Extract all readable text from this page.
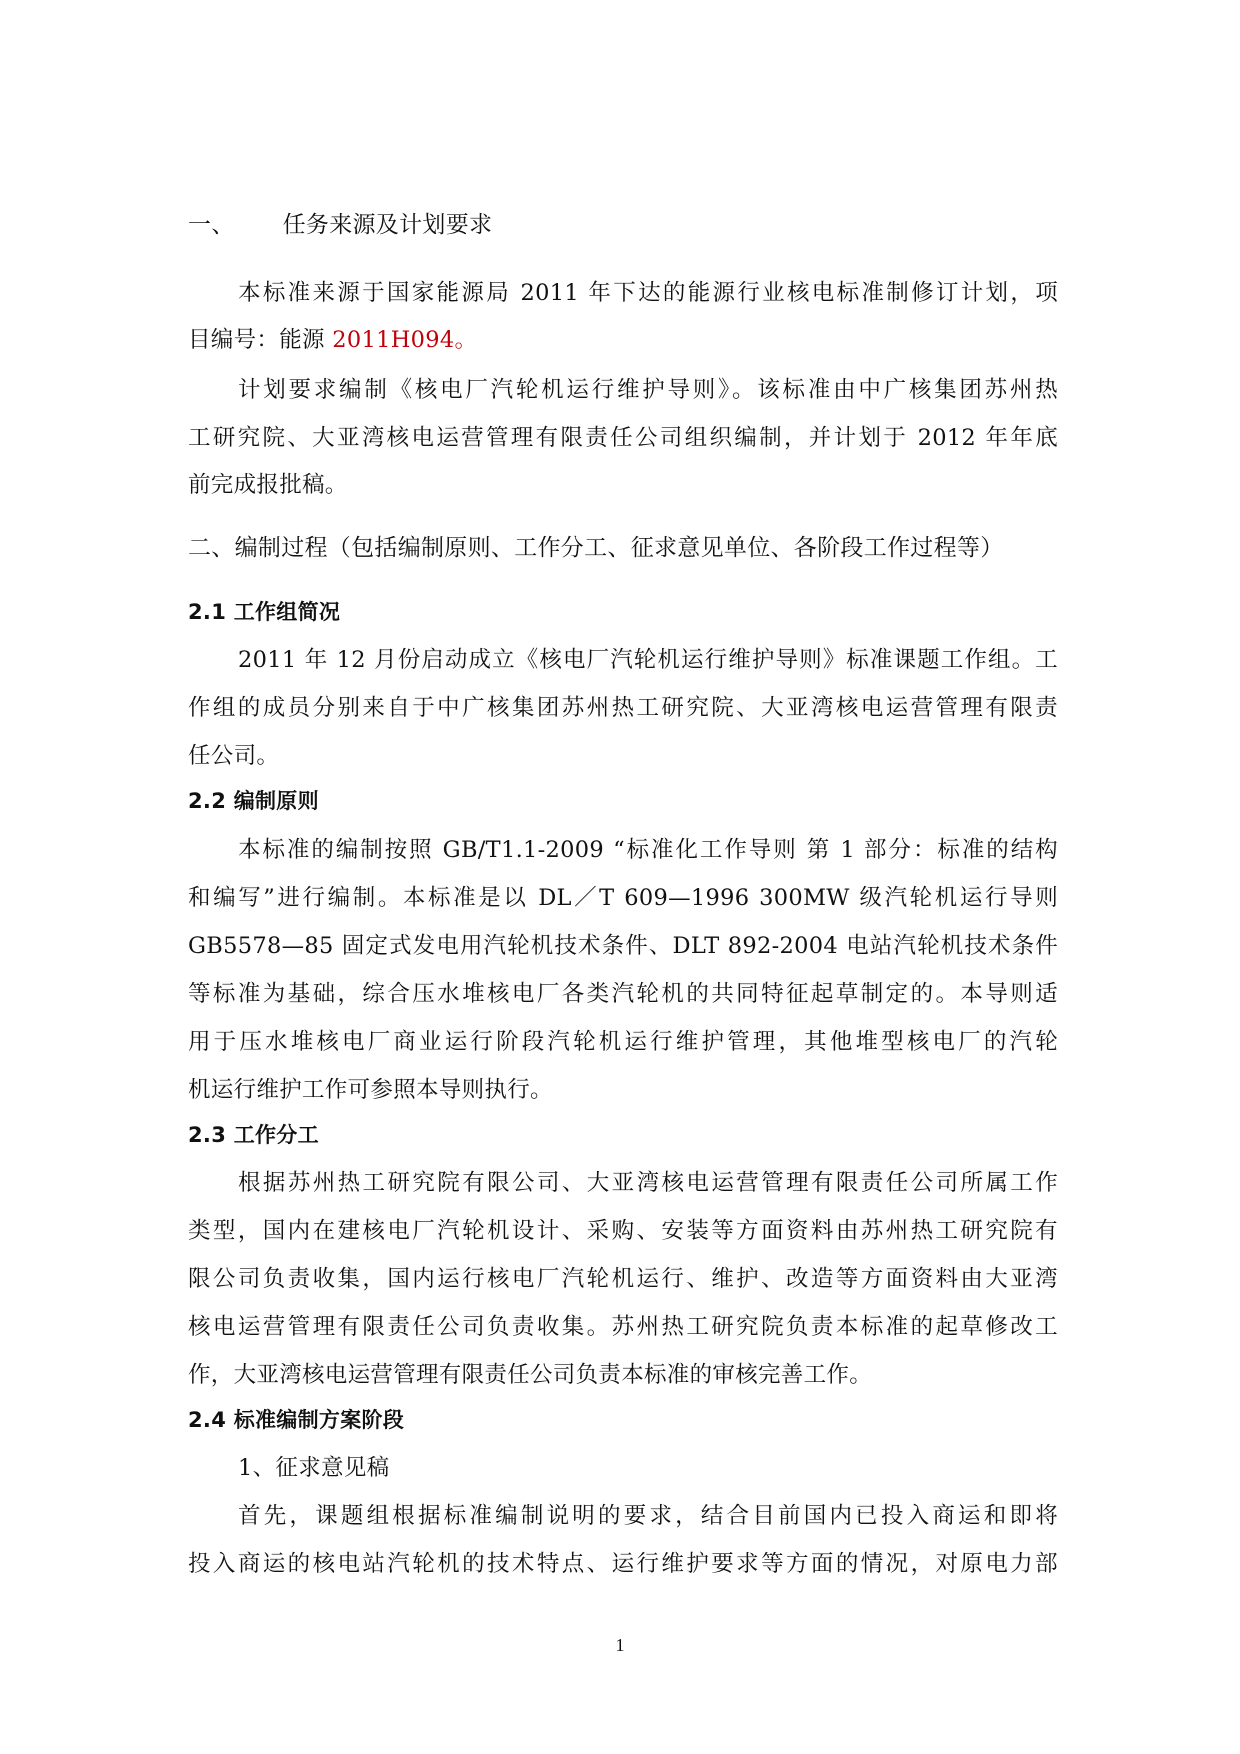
一、 任务来源及计划要求
本标准来源于国家能源局 2011 年下达的能源行业核电标准制修订计划，项
目编号：能源 2011H094。
计划要求编制《核电厂汽轮机运行维护导则》。该标准由中广核集团苏州热
工研究院、大亚湾核电运营管理有限责任公司组织编制，并计划于 2012 年年底
前完成报批稿。
二、编制过程（包括编制原则、工作分工、征求意见单位、各阶段工作过程等）
2.1 工作组简况
2011 年 12 月份启动成立《核电厂汽轮机运行维护导则》标准课题工作组。工
作组的成员分别来自于中广核集团苏州热工研究院、大亚湾核电运营管理有限责
任公司。
2.2 编制原则
本标准的编制按照 GB/T1.1-2009 “标准化工作导则 第 1 部分：标准的结构
和编写”进行编制。本标准是以 DL／T 609—1996 300MW 级汽轮机运行导则
GB5578—85 固定式发电用汽轮机技术条件、DLT 892-2004 电站汽轮机技术条件
等标准为基础，综合压水堆核电厂各类汽轮机的共同特征起草制定的。本导则适
用于压水堆核电厂商业运行阶段汽轮机运行维护管理，其他堆型核电厂的汽轮
机运行维护工作可参照本导则执行。
2.3 工作分工
根据苏州热工研究院有限公司、大亚湾核电运营管理有限责任公司所属工作
类型，国内在建核电厂汽轮机设计、采购、安装等方面资料由苏州热工研究院有
限公司负责收集，国内运行核电厂汽轮机运行、维护、改造等方面资料由大亚湾
核电运营管理有限责任公司负责收集。苏州热工研究院负责本标准的起草修改工
作，大亚湾核电运营管理有限责任公司负责本标准的审核完善工作。
2.4 标准编制方案阶段
1、征求意见稿
首先，课题组根据标准编制说明的要求，结合目前国内已投入商运和即将
投入商运的核电站汽轮机的技术特点、运行维护要求等方面的情况，对原电力部
1
